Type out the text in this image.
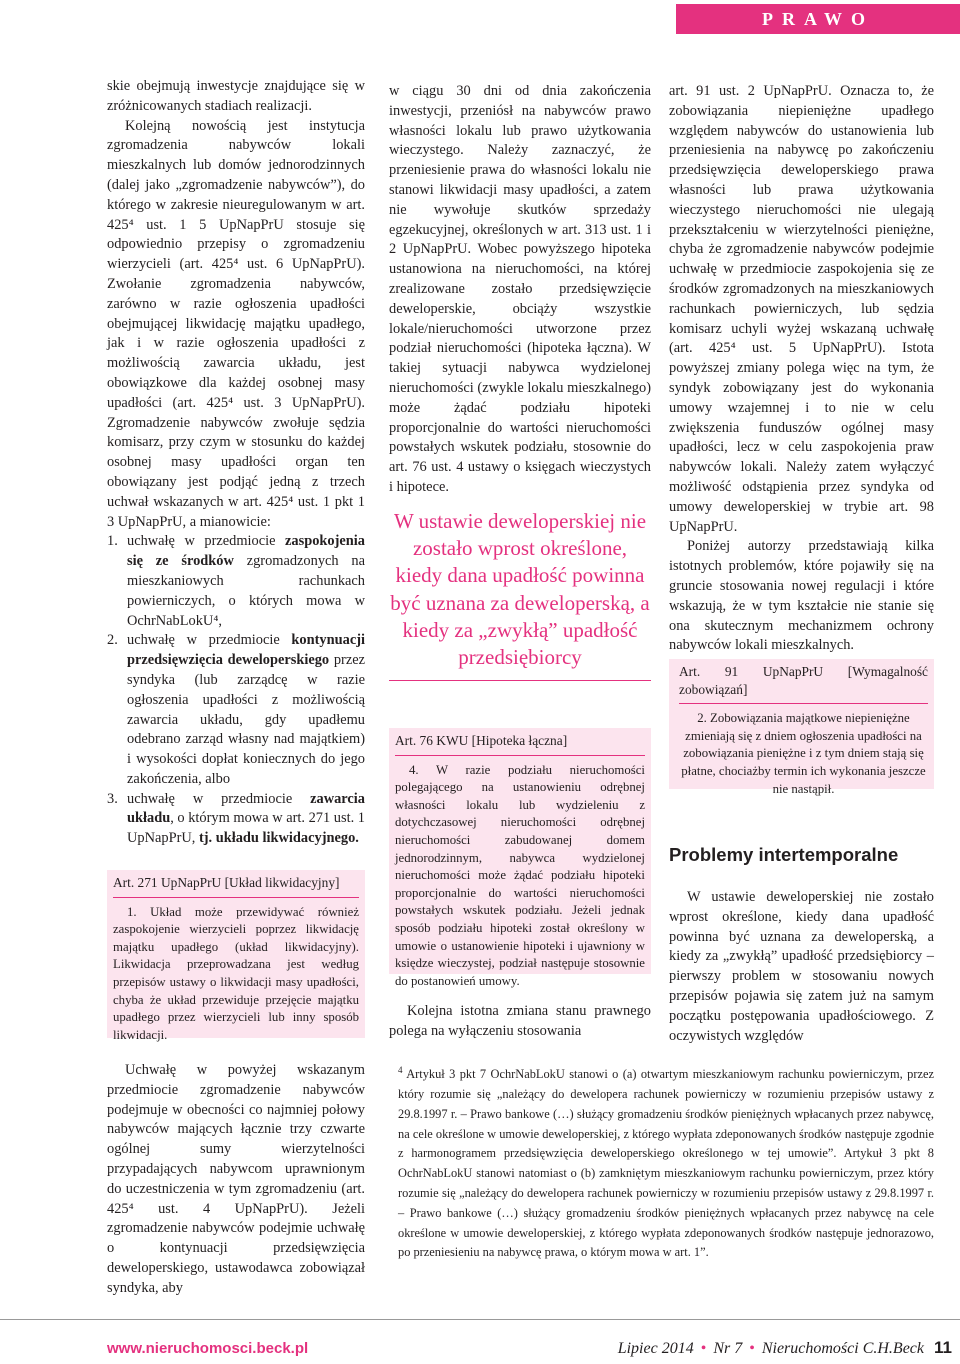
PRAWO

skie obejmują inwestycje znajdujące się w zróżnicowanych stadiach realizacji.

Kolejną nowością jest instytucja zgromadzenia nabywców lokali mieszkalnych lub domów jednorodzinnych (dalej jako „zgromadzenie nabywców”), do którego w zakresie nieuregulowanym w art. 425⁴ ust. 1 5 UpNapPrU stosuje się odpowiednio przepisy o zgromadzeniu wierzycieli (art. 425⁴ ust. 6 UpNapPrU). Zwołanie zgromadzenia nabywców, zarówno w razie ogłoszenia upadłości obejmującej likwidację majątku upadłego, jak i w razie ogłoszenia upadłości z możliwością zawarcia układu, jest obowiązkowe dla każdej osobnej masy upadłości (art. 425⁴ ust. 3 UpNapPrU). Zgromadzenie nabywców zwołuje sędzia komisarz, przy czym w stosunku do każdej osobnej masy upadłości organ ten obowiązany jest podjąć jedną z trzech uchwał wskazanych w art. 425⁴ ust. 1 pkt 1 3 UpNapPrU, a mianowicie:

1. uchwałę w przedmiocie zaspokojenia się ze środków zgromadzonych na mieszkaniowych rachunkach powierniczych, o których mowa w OchrNabLokU⁴,
2. uchwałę w przedmiocie kontynuacji przedsięwzięcia deweloperskiego przez syndyka (lub zarządcę w razie ogłoszenia upadłości z możliwością zawarcia układu, gdy upadłemu odebrano zarząd własny nad majątkiem) i wysokości dopłat koniecznych do jego zakończenia, albo
3. uchwałę w przedmiocie zawarcia układu, o którym mowa w art. 271 ust. 1 UpNapPrU, tj. układu likwidacyjnego.
Art. 271 UpNapPrU [Układ likwidacyjny]
1. Układ może przewidywać również zaspokojenie wierzycieli poprzez likwidację majątku upadłego (układ likwidacyjny). Likwidacja przeprowadzana jest według przepisów ustawy o likwidacji masy upadłości, chyba że układ przewiduje przejęcie majątku upadłego przez wierzycieli lub inny sposób likwidacji.

Uchwałę w powyżej wskazanym przedmiocie zgromadzenie nabywców podejmuje w obecności co najmniej połowy nabywców mających łącznie trzy czwarte ogólnej sumy wierzytelności przypadających nabywcom uprawnionym do uczestniczenia w tym zgromadzeniu (art. 425⁴ ust. 4 UpNapPrU). Jeżeli zgromadzenie nabywców podejmie uchwałę o kontynuacji przedsięwzięcia deweloperskiego, ustawodawca zobowiązał syndyka, aby

w ciągu 30 dni od dnia zakończenia inwestycji, przeniósł na nabywców prawo własności lokalu lub prawo użytkowania wieczystego. Należy zaznaczyć, że przeniesienie prawa do własności lokalu nie stanowi likwidacji masy upadłości, a zatem nie wywołuje skutków sprzedaży egzekucyjnej, określonych w art. 313 ust. 1 i 2 UpNapPrU. Wobec powyższego hipoteka ustanowiona na nieruchomości, na której zrealizowane zostało przedsięwzięcie deweloperskie, obciąży wszystkie lokale/nieruchomości utworzone przez podział nieruchomości (hipoteka łączna). W takiej sytuacji nabywca wydzielonej nieruchomości (zwykle lokalu mieszkalnego) może żądać podziału hipoteki proporcjonalnie do wartości nieruchomości powstałych wskutek podziału, stosownie do art. 76 ust. 4 ustawy o księgach wieczystych i hipotece.

W ustawie deweloperskiej nie zostało wprost określone, kiedy dana upadłość powinna być uznana za deweloperską, a kiedy za „zwykłą” upadłość przedsiębiorcy
Art. 76 KWU [Hipoteka łączna]
4. W razie podziału nieruchomości polegającego na ustanowieniu odrębnej własności lokalu lub wydzieleniu z dotychczasowej nieruchomości odrębnej nieruchomości zabudowanej domem jednorodzinnym, nabywca wydzielonej nieruchomości może żądać podziału hipoteki proporcjonalnie do wartości nieruchomości powstałych wskutek podziału. Jeżeli jednak sposób podziału hipoteki został określony w umowie o ustanowienie hipoteki i ujawniony w księdze wieczystej, podział następuje stosownie do postanowień umowy.

Kolejna istotna zmiana stanu prawnego polega na wyłączeniu stosowania

art. 91 ust. 2 UpNapPrU. Oznacza to, że zobowiązania niepieniężne upadłego względem nabywców do ustanowienia lub przeniesienia na nabywcę po zakończeniu przedsięwzięcia deweloperskiego prawa własności lub prawa użytkowania wieczystego nieruchomości nie ulegają przekształceniu w wierzytelności pieniężne, chyba że zgromadzenie nabywców podejmie uchwałę w przedmiocie zaspokojenia się ze środków zgromadzonych na mieszkaniowych rachunkach powierniczych, lub sędzia komisarz uchyli wyżej wskazaną uchwałę (art. 425⁴ ust. 5 UpNapPrU). Istota powyższej zmiany polega więc na tym, że syndyk zobowiązany jest do wykonania umowy wzajemnej i to nie w celu zwiększenia funduszów ogólnej masy upadłości, lecz w celu zaspokojenia praw nabywców lokali. Należy zatem wyłączyć możliwość odstąpienia przez syndyka od umowy deweloperskiej w trybie art. 98 UpNapPrU.

Poniżej autorzy przedstawiają kilka istotnych problemów, które pojawiły się na gruncie stosowania nowej regulacji i które wskazują, że w tym kształcie nie stanie się ona skutecznym mechanizmem ochrony nabywców lokali mieszkalnych.

Art. 91 UpNapPrU [Wymagalność zobowiązań]
2. Zobowiązania majątkowe niepieniężne zmieniają się z dniem ogłoszenia upadłości na zobowiązania pieniężne i z tym dniem stają się płatne, chociażby termin ich wykonania jeszcze nie nastąpił.
Problemy intertemporalne

W ustawie deweloperskiej nie zostało wprost określone, kiedy dana upadłość powinna być uznana za deweloperską, a kiedy za „zwykłą” upadłość przedsiębiorcy – pierwszy problem w stosowaniu nowych przepisów pojawia się zatem już na samym początku postępowania upadłościowego. Z oczywistych względów

$^4$ Artykuł 3 pkt 7 OchrNabLokU stanowi o (a) otwartym mieszkaniowym rachunku powierniczym, przez który rozumie się „należący do dewelopera rachunek powierniczy w rozumieniu przepisów ustawy z 29.8.1997 r. – Prawo bankowe (…) służący gromadzeniu środków pieniężnych wpłacanych przez nabywcę, na cele określone w umowie deweloperskiej, z którego wypłata zdeponowanych środków następuje zgodnie z harmonogramem przedsięwzięcia deweloperskiego określonego w tej umowie”. Artykuł 3 pkt 8 OchrNabLokU stanowi natomiast o (b) zamkniętym mieszkaniowym rachunku powierniczym, przez który rozumie się „należący do dewelopera rachunek powierniczy w rozumieniu przepisów ustawy z 29.8.1997 r. – Prawo bankowe (…) służący gromadzeniu środków pieniężnych wpłacanych przez nabywcę na cele określone w umowie deweloperskiej, z którego wypłata zdeponowanych środków następuje jednorazowo, po przeniesieniu na nabywcę prawa, o którym mowa w art. 1”.
www.nieruchomosci.beck.pl	Lipiec 2014 • Nr 7 • Nieruchomości C.H.Beck 11
